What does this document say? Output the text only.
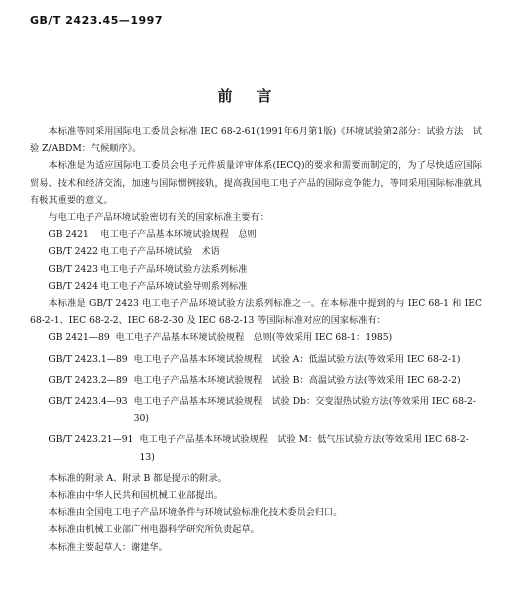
GB/T 2423.45—1997
前言

本标准等同采用国际电工委员会标准 IEC 68-2-61(1991年6月第1版)《环境试验第2部分：试验方法　试验 Z/ABDM：气候顺序》。

本标准是为适应国际电工委员会电子元件质量评审体系(IECQ)的要求和需要而制定的，为了尽快适应国际贸易、技术和经济交流，加速与国际惯例接轨，提高我国电工电子产品的国际竞争能力，等同采用国际标准就具有极其重要的意义。

与电工电子产品环境试验密切有关的国家标准主要有：

GB 2421 电工电子产品基本环境试验规程　总则
GB/T 2422 电工电子产品环境试验　术语
GB/T 2423 电工电子产品环境试验方法系列标准
GB/T 2424 电工电子产品环境试验导则系列标准

本标准是 GB/T 2423 电工电子产品环境试验方法系列标准之一。在本标准中提到的与 IEC 68-1 和 IEC 68-2-1、IEC 68-2-2、IEC 68-2-30 及 IEC 68-2-13 等国际标准对应的国家标准有：

GB 2421—89 电工电子产品基本环境试验规程　总则(等效采用 IEC 68-1：1985)
GB/T 2423.1—89 电工电子产品基本环境试验规程　试验 A：低温试验方法(等效采用 IEC 68-2-1)
GB/T 2423.2—89 电工电子产品基本环境试验规程　试验 B：高温试验方法(等效采用 IEC 68-2-2)
GB/T 2423.4—93 电工电子产品基本环境试验规程　试验 Db：交变湿热试验方法(等效采用 IEC 68-2-30)
GB/T 2423.21—91 电工电子产品基本环境试验规程　试验 M：低气压试验方法(等效采用 IEC 68-2-13)

本标准的附录 A、附录 B 都是提示的附录。

本标准由中华人民共和国机械工业部提出。

本标准由全国电工电子产品环境条件与环境试验标准化技术委员会归口。

本标准由机械工业部广州电器科学研究所负责起草。

本标准主要起草人：谢建华。
